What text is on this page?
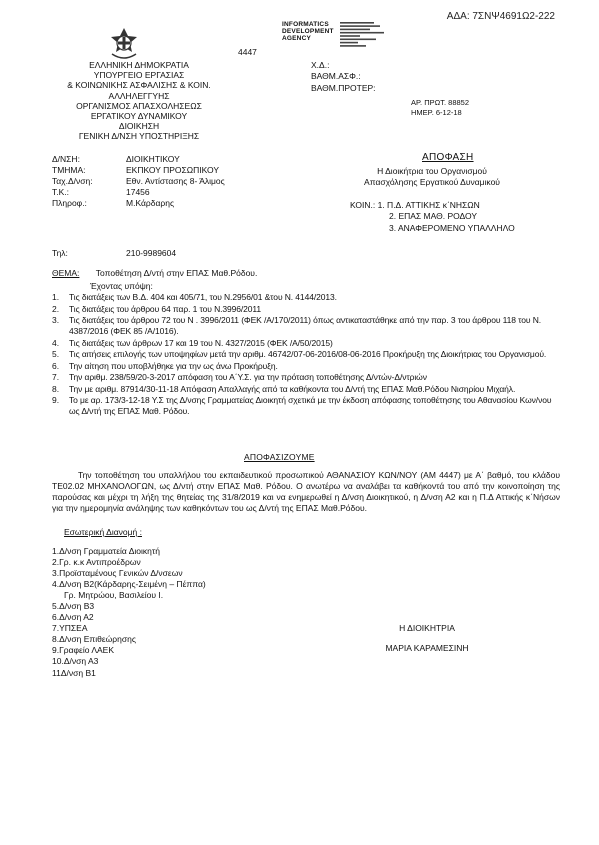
ΑΔΑ: 7ΣΝΨ4691Ω2-222
INFORMATICS
DEVELOPMENT
AGENCY
4447
ΕΛΛΗΝΙΚΗ ΔΗΜΟΚΡΑΤΙΑ
ΥΠΟΥΡΓΕΙΟ ΕΡΓΑΣΙΑΣ
& ΚΟΙΝΩΝΙΚΗΣ ΑΣΦΑΛΙΣΗΣ & ΚΟΙΝ.
ΑΛΛΗΛΕΓΓΥΗΣ
ΟΡΓΑΝΙΣΜΟΣ ΑΠΑΣΧΟΛΗΣΕΩΣ
ΕΡΓΑΤΙΚΟΥ ΔΥΝΑΜΙΚΟΥ
ΔΙΟΙΚΗΣΗ
ΓΕΝΙΚΗ Δ/ΝΣΗ ΥΠΟΣΤΗΡΙΞΗΣ
Χ.Δ.:
ΒΑΘΜ.ΑΣΦ.:
ΒΑΘΜ.ΠΡΟΤΕΡ:
ΑΡ. ΠΡΩΤ. 88852
ΗΜΕΡ. 6-12-18
Δ/ΝΣΗ:	ΔΙΟΙΚΗΤΙΚΟΥ
ΤΜΗΜΑ:	ΕΚΠΚΟΥ ΠΡΟΣΩΠΙΚΟΥ
Ταχ.Δ/νση:	Εθν. Αντίστασης 8- Άλιμος
Τ.Κ.:	17456
Πληροφ.:	Μ.Κάρδαρης
ΑΠΟΦΑΣΗ
Η Διοικήτρια του Οργανισμού Απασχόλησης Εργατικού Δυναμικού
ΚΟΙΝ.: 1. Π.Δ. ΑΤΤΙΚΗΣ κ΄ΝΗΣΩΝ
2. ΕΠΑΣ ΜΑΘ. ΡΟΔΟΥ
3. ΑΝΑΦΕΡΟΜΕΝΟ ΥΠΑΛΛΗΛΟ
Τηλ:	210-9989604
ΘΕΜΑ: Τοποθέτηση Δ/ντή στην ΕΠΑΣ Μαθ.Ρόδου.
Έχοντας υπόψη:
1.	Τις διατάξεις των Β.Δ. 404 και 405/71, του Ν.2956/01 &του Ν. 4144/2013.
2.	Τις διατάξεις του άρθρου 64 παρ. 1 του Ν.3996/2011
3.	Τις διατάξεις του άρθρου 72 του Ν . 3996/2011 (ΦΕΚ /Α/170/2011) όπως αντικαταστάθηκε από την παρ. 3 του άρθρου 118 του Ν. 4387/2016 (ΦΕΚ 85 /Α/1016).
4.	Τις διατάξεις των άρθρων 17 και 19 του Ν. 4327/2015 (ΦΕΚ /Α/50/2015)
5.	Τις αιτήσεις επιλογής των υποψηφίων μετά την αριθμ. 46742/07-06-2016/08-06-2016 Προκήρυξη της Διοικήτριας του Οργανισμού.
6.	Την αίτηση που υποβλήθηκε για την ως άνω Προκήρυξη.
7.	Την αριθμ. 238/59/20-3-2017 απόφαση του Α΄Υ.Σ. για την πρόταση τοποθέτησης Δ/ντών-Δ/ντριών
8.	Την με αριθμ. 87914/30-11-18 Απόφαση Απαλλαγής από τα καθήκοντα του Δ/ντή της ΕΠΑΣ Μαθ.Ρόδου Νισηρίου Μιχαήλ.
9.	Το με αρ. 173/3-12-18 Υ.Σ της Δ/νσης Γραμματείας Διοικητή σχετικά με την έκδοση απόφασης τοποθέτησης του Αθανασίου Κων/νου ως Δ/ντή της ΕΠΑΣ Μαθ. Ρόδου.
ΑΠΟΦΑΣΙΖΟΥΜΕ
Την τοποθέτηση του υπαλλήλου του εκπαιδευτικού προσωπικού ΑΘΑΝΑΣΙΟΥ ΚΩΝ/ΝΟΥ (ΑΜ 4447) με Α΄ βαθμό, του κλάδου ΤΕ02.02 ΜΗΧΑΝΟΛΟΓΩΝ, ως Δ/ντή στην ΕΠΑΣ Μαθ. Ρόδου. Ο ανωτέρω να αναλάβει τα καθήκοντά του από την κοινοποίηση της παρούσας και μέχρι τη λήξη της θητείας της 31/8/2019 και να ενημερωθεί η Δ/νση Διοικητικού, η Δ/νση Α2 και η Π.Δ Αττικής κ΄Νήσων για την ημερομηνία ανάληψης των καθηκόντων του ως Δ/ντή της ΕΠΑΣ Μαθ.Ρόδου.
Εσωτερική Διανομή :
1.Δ/νση Γραμματεία Διοικητή
2.Γρ. κ.κ Αντιπροέδρων
3.Προϊσταμένους Γενικών Δ/νσεων
4.Δ/νση Β2(Κάρδαρης-Σειμένη – Πέππα)
Γρ. Μητρώου, Βασιλείου Ι.
5.Δ/νση Β3
6.Δ/νση Α2
7.ΥΠΣΕΑ
8.Δ/νση Επιθεώρησης
9.Γραφείο ΛΑΕΚ
10.Δ/νση Α3
11Δ/νση Β1
Η ΔΙΟΙΚΗΤΡΙΑ
ΜΑΡΙΑ ΚΑΡΑΜΕΣΙΝΗ
